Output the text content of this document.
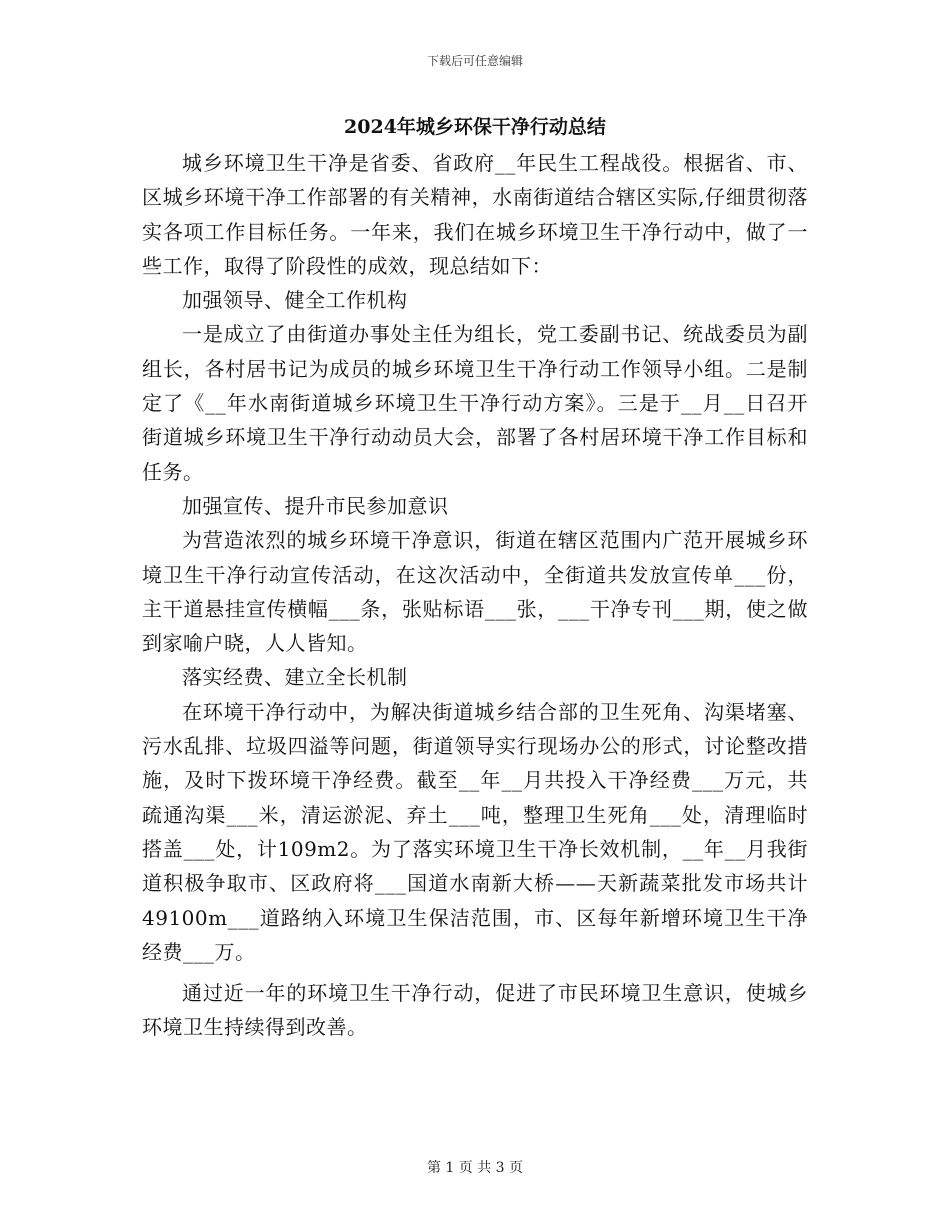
下载后可任意编辑
2024年城乡环保干净行动总结

城乡环境卫生干净是省委、省政府__年民生工程战役。根据省、市、区城乡环境干净工作部署的有关精神，水南街道结合辖区实际,仔细贯彻落实各项工作目标任务。一年来，我们在城乡环境卫生干净行动中，做了一些工作，取得了阶段性的成效，现总结如下：

加强领导、健全工作机构

一是成立了由街道办事处主任为组长，党工委副书记、统战委员为副组长，各村居书记为成员的城乡环境卫生干净行动工作领导小组。二是制定了《__年水南街道城乡环境卫生干净行动方案》。三是于__月__日召开街道城乡环境卫生干净行动动员大会，部署了各村居环境干净工作目标和任务。

加强宣传、提升市民参加意识

为营造浓烈的城乡环境干净意识，街道在辖区范围内广范开展城乡环境卫生干净行动宣传活动，在这次活动中，全街道共发放宣传单___份，主干道悬挂宣传横幅___条，张贴标语___张，___干净专刊___期，使之做到家喻户晓，人人皆知。

落实经费、建立全长机制

在环境干净行动中，为解决街道城乡结合部的卫生死角、沟渠堵塞、污水乱排、垃圾四溢等问题，街道领导实行现场办公的形式，讨论整改措施，及时下拨环境干净经费。截至__年__月共投入干净经费___万元，共疏通沟渠___米，清运淤泥、弃土___吨，整理卫生死角___处，清理临时搭盖___处，计109m2。为了落实环境卫生干净长效机制，__年__月我街道积极争取市、区政府将___国道水南新大桥——天新蔬菜批发市场共计49100m___道路纳入环境卫生保洁范围，市、区每年新增环境卫生干净经费___万。

通过近一年的环境卫生干净行动，促进了市民环境卫生意识，使城乡环境卫生持续得到改善。

第 1 页 共 3 页
